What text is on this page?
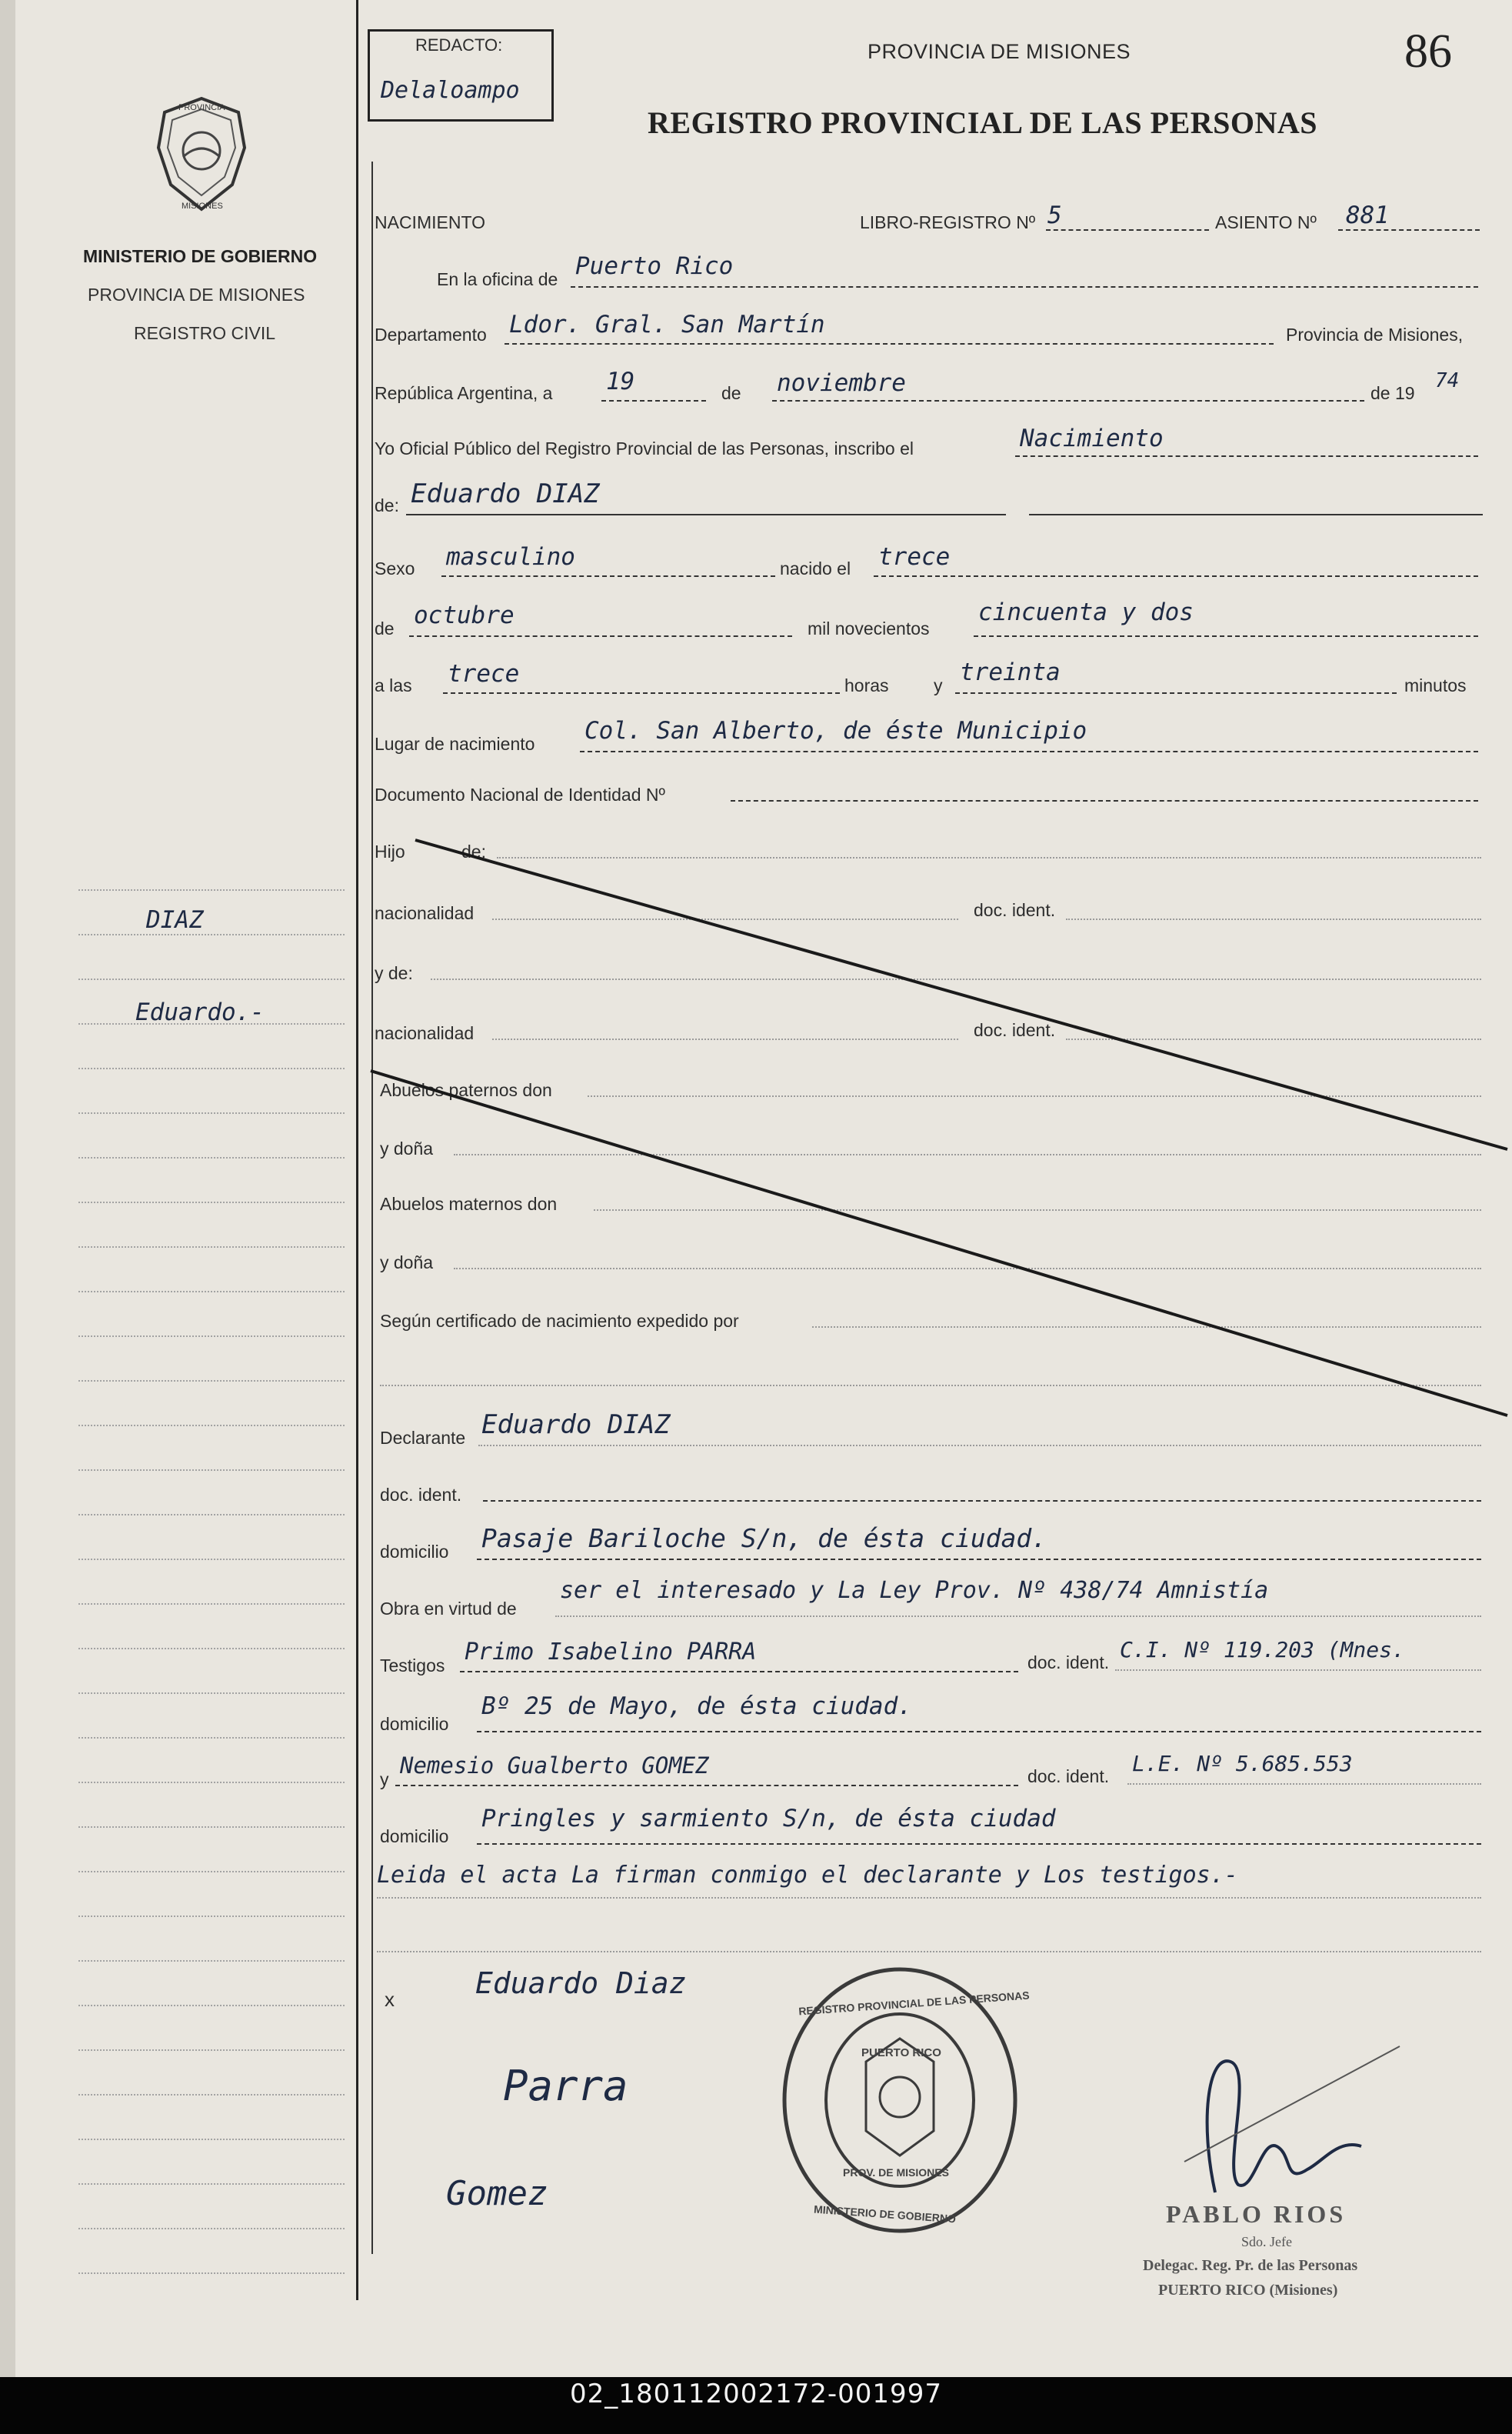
REDACTO:
Delaloampo
PROVINCIA DE MISIONES
REGISTRO PROVINCIAL DE LAS PERSONAS
86
PROVINCIA
MISIONES
MINISTERIO DE GOBIERNO
PROVINCIA DE MISIONES
REGISTRO CIVIL
DIAZ
Eduardo.-
NACIMIENTO	LIBRO-REGISTRO Nº 5	ASIENTO Nº 881
En la oficina de Puerto Rico
Departamento Ldor. Gral. San Martín	Provincia de Misiones,
República Argentina, a 19	de noviembre	de 19
74
Yo Oficial Público del Registro Provincial de las Personas, inscribo el	Nacimiento
de: Eduardo DIAZ
Sexo masculino	nacido el trece
de octubre	mil novecientos
cincuenta y dos
a las trece	horas	y treinta	minutos
Lugar de nacimiento Col. San Alberto, de éste Municipio
Documento Nacional de Identidad Nº
Hijo	de:
nacionalidad	doc. ident.
y de:
nacionalidad	doc. ident.
Abuelos paternos don
y doña
Abuelos maternos don
y doña
Según certificado de nacimiento expedido por
Declarante Eduardo DIAZ
doc. ident.
domicilio Pasaje Bariloche S/n, de ésta ciudad.
Obra en virtud de
ser el interesado y La Ley Prov. Nº 438/74 Amnistía
Testigos Primo Isabelino PARRA	doc. ident. C.I. Nº 119.203 (Mnes.
domicilio
Bº 25 de Mayo, de ésta ciudad.
y
Nemesio Gualberto GOMEZ	doc. ident. L.E. Nº 5.685.553
domicilio
Pringles y sarmiento S/n, de ésta ciudad
Leida el acta La firman conmigo el declarante y Los testigos.-
x	Eduardo Diaz
Parra
Gomez
REGISTRO PROVINCIAL DE LAS PERSONAS
PUERTO RICO
PROV. DE MISIONES
MINISTERIO DE GOBIERNO	PABLO RIOS
Sdo. Jefe
Delegac. Reg. Pr. de las Personas
PUERTO RICO (Misiones)
02_180112002172-001997
